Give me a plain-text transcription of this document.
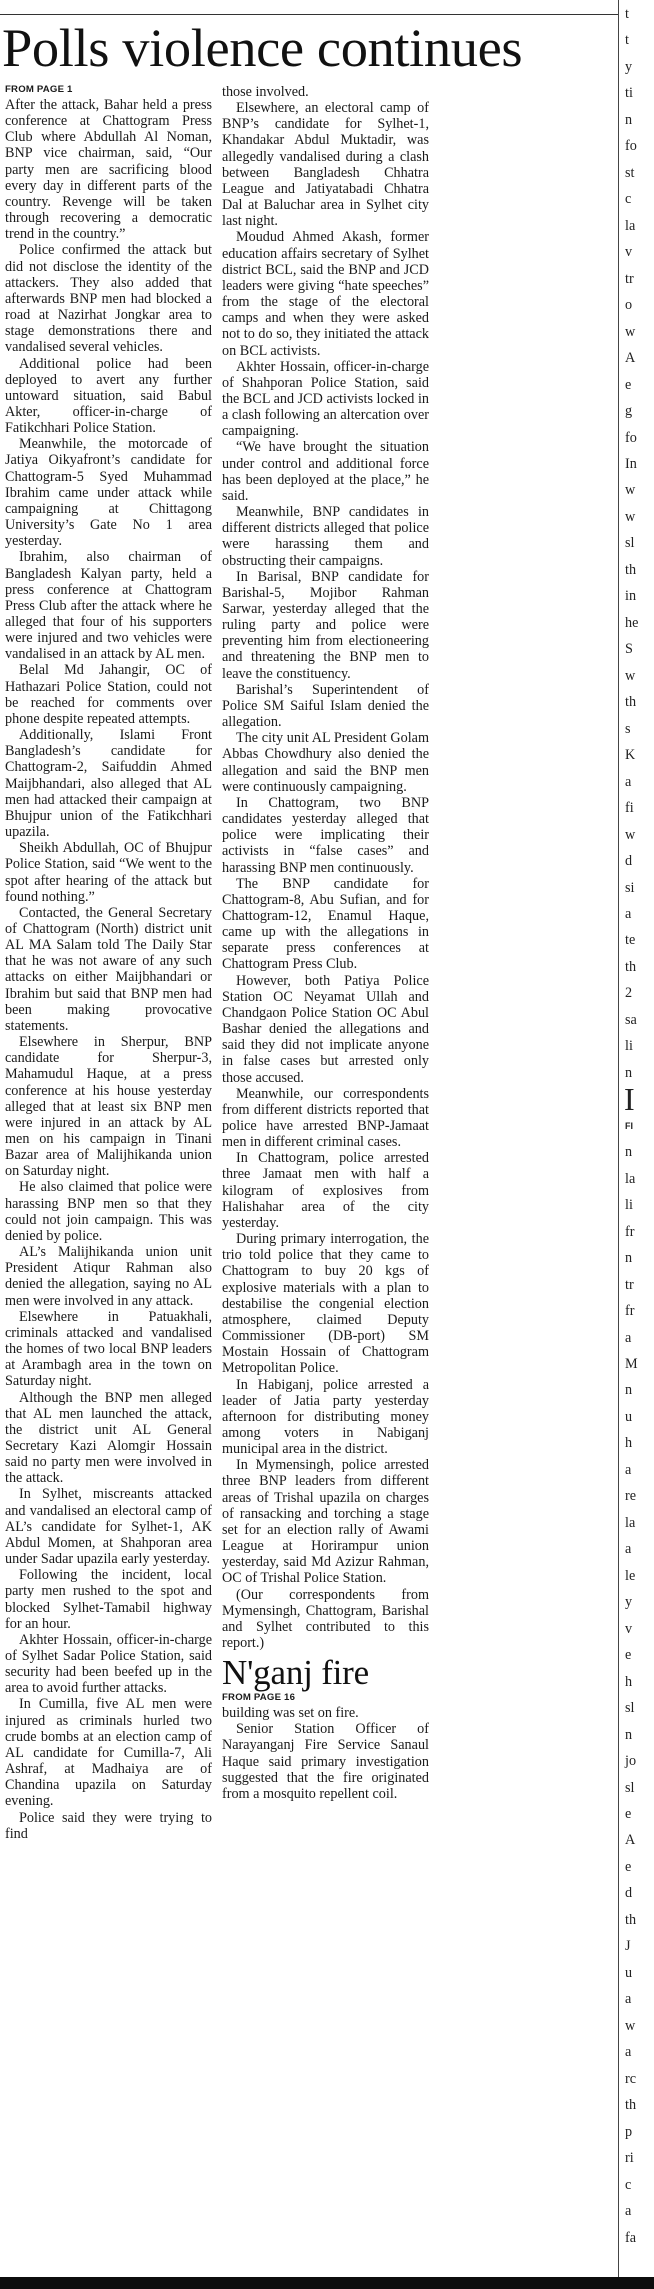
Polls violence continues
FROM PAGE 1

After the attack, Bahar held a press conference at Chattogram Press Club where Abdullah Al Noman, BNP vice chairman, said, “Our party men are sacrificing blood every day in different parts of the country. Revenge will be taken through recovering a democratic trend in the country.”

Police confirmed the attack but did not disclose the identity of the attackers. They also added that afterwards BNP men had blocked a road at Nazirhat Jongkar area to stage demonstrations there and vandalised several vehicles.

Additional police had been deployed to avert any further untoward situation, said Babul Akter, officer-in-charge of Fatikchhari Police Station.

Meanwhile, the motorcade of Jatiya Oikyafront’s candidate for Chattogram-5 Syed Muhammad Ibrahim came under attack while campaigning at Chittagong University’s Gate No 1 area yesterday.

Ibrahim, also chairman of Bangladesh Kalyan party, held a press conference at Chattogram Press Club after the attack where he alleged that four of his supporters were injured and two vehicles were vandalised in an attack by AL men.

Belal Md Jahangir, OC of Hathazari Police Station, could not be reached for comments over phone despite repeated attempts.

Additionally, Islami Front Bangladesh’s candidate for Chattogram-2, Saifuddin Ahmed Maijbhandari, also alleged that AL men had attacked their campaign at Bhujpur union of the Fatikchhari upazila.

Sheikh Abdullah, OC of Bhujpur Police Station, said “We went to the spot after hearing of the attack but found nothing.”

Contacted, the General Secretary of Chattogram (North) district unit AL MA Salam told The Daily Star that he was not aware of any such attacks on either Maijbhandari or Ibrahim but said that BNP men had been making provocative statements.

Elsewhere in Sherpur, BNP candidate for Sherpur-3, Mahamudul Haque, at a press conference at his house yesterday alleged that at least six BNP men were injured in an attack by AL men on his campaign in Tinani Bazar area of Malijhikanda union on Saturday night.

He also claimed that police were harassing BNP men so that they could not join campaign. This was denied by police.

AL’s Malijhikanda union unit President Atiqur Rahman also denied the allegation, saying no AL men were involved in any attack.

Elsewhere in Patuakhali, criminals attacked and vandalised the homes of two local BNP leaders at Arambagh area in the town on Saturday night.

Although the BNP men alleged that AL men launched the attack, the district unit AL General Secretary Kazi Alomgir Hossain said no party men were involved in the attack.

In Sylhet, miscreants attacked and vandalised an electoral camp of AL’s candidate for Sylhet-1, AK Abdul Momen, at Shahporan area under Sadar upazila early yesterday.

Following the incident, local party men rushed to the spot and blocked Sylhet-Tamabil highway for an hour.

Akhter Hossain, officer-in-charge of Sylhet Sadar Police Station, said security had been beefed up in the area to avoid further attacks.

In Cumilla, five AL men were injured as criminals hurled two crude bombs at an election camp of AL candidate for Cumilla-7, Ali Ashraf, at Madhaiya are of Chandina upazila on Saturday evening.

Police said they were trying to find

those involved.

Elsewhere, an electoral camp of BNP’s candidate for Sylhet-1, Khandakar Abdul Muktadir, was allegedly vandalised during a clash between Bangladesh Chhatra League and Jatiyatabadi Chhatra Dal at Baluchar area in Sylhet city last night.

Moudud Ahmed Akash, former education affairs secretary of Sylhet district BCL, said the BNP and JCD leaders were giving “hate speeches” from the stage of the electoral camps and when they were asked not to do so, they initiated the attack on BCL activists.

Akhter Hossain, officer-in-charge of Shahporan Police Station, said the BCL and JCD activists locked in a clash following an altercation over campaigning.

“We have brought the situation under control and additional force has been deployed at the place,” he said.

Meanwhile, BNP candidates in different districts alleged that police were harassing them and obstructing their campaigns.

In Barisal, BNP candidate for Barishal-5, Mojibor Rahman Sarwar, yesterday alleged that the ruling party and police were preventing him from electioneering and threatening the BNP men to leave the constituency.

Barishal’s Superintendent of Police SM Saiful Islam denied the allegation.

The city unit AL President Golam Abbas Chowdhury also denied the allegation and said the BNP men were continuously campaigning.

In Chattogram, two BNP candidates yesterday alleged that police were implicating their activists in “false cases” and harassing BNP men continuously.

The BNP candidate for Chattogram-8, Abu Sufian, and for Chattogram-12, Enamul Haque, came up with the allegations in separate press conferences at Chattogram Press Club.

However, both Patiya Police Station OC Neyamat Ullah and Chandgaon Police Station OC Abul Bashar denied the allegations and said they did not implicate anyone in false cases but arrested only those accused.

Meanwhile, our correspondents from different districts reported that police have arrested BNP-Jamaat men in different criminal cases.

In Chattogram, police arrested three Jamaat men with half a kilogram of explosives from Halishahar area of the city yesterday.

During primary interrogation, the trio told police that they came to Chattogram to buy 20 kgs of explosive materials with a plan to destabilise the congenial election atmosphere, claimed Deputy Commissioner (DB-port) SM Mostain Hossain of Chattogram Metropolitan Police.

In Habiganj, police arrested a leader of Jatia party yesterday afternoon for distributing money among voters in Nabiganj municipal area in the district.

In Mymensingh, police arrested three BNP leaders from different areas of Trishal upazila on charges of ransacking and torching a stage set for an election rally of Awami League at Horirampur union yesterday, said Md Azizur Rahman, OC of Trishal Police Station.

(Our correspondents from Mymensingh, Chattogram, Barishal and Sylhet contributed to this report.)

N'ganj fire
FROM PAGE 16

building was set on fire.

Senior Station Officer of Narayanganj Fire Service Sanaul Haque said primary investigation suggested that the fire originated from a mosquito repellent coil.

t
t
y
ti
n
fo
st
c
la
v
tr
o
w
A
e
g
fo
In
w
w
sl
th
in
he
S
w
th
s
K
a
fi
w
d
si
a
te
th
2
sa
li
n
I
FI
n
la
li
fr
n
tr
fr
a
M
n
u
h
a
re
la
a
le
y
v
e
h
sl
n
jo
sl
e
A
e
d
th
J
u
a
w
a
rc
th
p
ri
c
a
fa
